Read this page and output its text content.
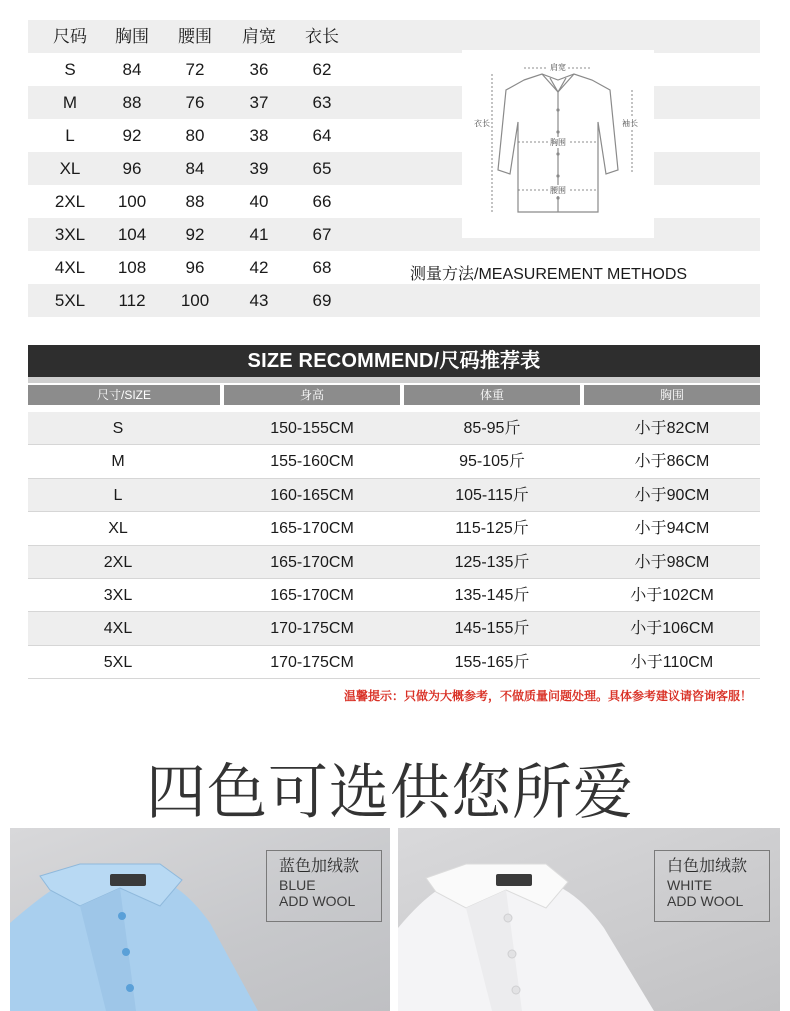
尺码	胸围	腰围	肩宽	衣长
S	84	72	36	62
M	88	76	37	63
L	92	80	38	64
XL	96	84	39	65
2XL	100	88	40	66
3XL	104	92	41	67
4XL	108	96	42	68
5XL	112	100	43	69
肩宽
衣长	袖长
胸围
腰围
测量方法/MEASUREMENT METHODS
SIZE RECOMMEND/尺码推荐表
尺寸/SIZE	身高	体重	胸围
S	150-155CM	85-95斤	小于82CM
M	155-160CM	95-105斤	小于86CM
L	160-165CM	105-115斤	小于90CM
XL	165-170CM	115-125斤	小于94CM
2XL	165-170CM	125-135斤	小于98CM
3XL	165-170CM	135-145斤	小于102CM
4XL	170-175CM	145-155斤	小于106CM
5XL	170-175CM	155-165斤	小于110CM
温馨提示：只做为大概参考，不做质量问题处理。具体参考建议请咨询客服！
四色可选供您所爱
蓝色加绒款
BLUE
ADD WOOL
白色加绒款
WHITE
ADD WOOL
